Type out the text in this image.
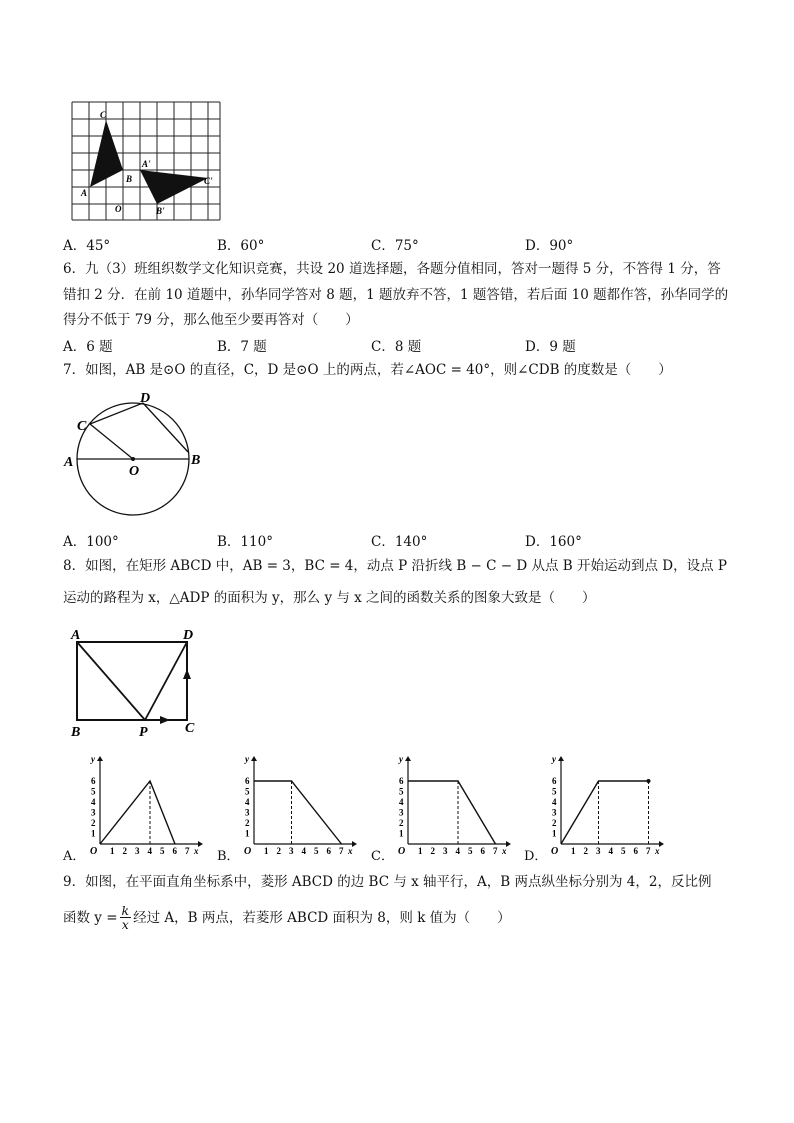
C
A
B
A'
C'
B'
O
A．45°	B．60°	C．75°	D．90°
6．九（3）班组织数学文化知识竞赛，共设 20 道选择题，各题分值相同，答对一题得 5 分，不答得 1 分，答
错扣 2 分．在前 10 道题中，孙华同学答对 8 题，1 题放弃不答，1 题答错，若后面 10 题都作答，孙华同学的
得分不低于 79 分，那么他至少要再答对（　　）
A．6 题	B．7 题	C．8 题	D．9 题
7．如图，AB 是⊙O 的直径，C，D 是⊙O 上的两点，若∠AOC = 40°，则∠CDB 的度数是（　　）
A	B
C
D
O
A．100°	B．110°	C．140°	D．160°
8．如图，在矩形 ABCD 中，AB = 3，BC = 4，动点 P 沿折线 B − C − D 从点 B 开始运动到点 D，设点 P
运动的路程为 x，△ADP 的面积为 y，那么 y 与 x 之间的函数关系的图象大致是（　　）
A	D
B	C
P
A．	B．	C．	D．
y
x
O 1 2 3 4 5 6 7
1
2
3
4
5
6
y
x
O 1 2 3 4 5 6 7
1
2
3
4
5
6
y
x
O 1 2 3 4 5 6 7
1
2
3
4
5
6
y
x
O 1 2 3 4 5 6 7
1
2
3
4
5
6
9．如图，在平面直角坐标系中，菱形 ABCD 的边 BC 与 x 轴平行，A，B 两点纵坐标分别为 4，2，反比例
函数 $y = \frac{k}{x}$ 经过 A，B 两点，若菱形 ABCD 面积为 8，则 k 值为（　　）
